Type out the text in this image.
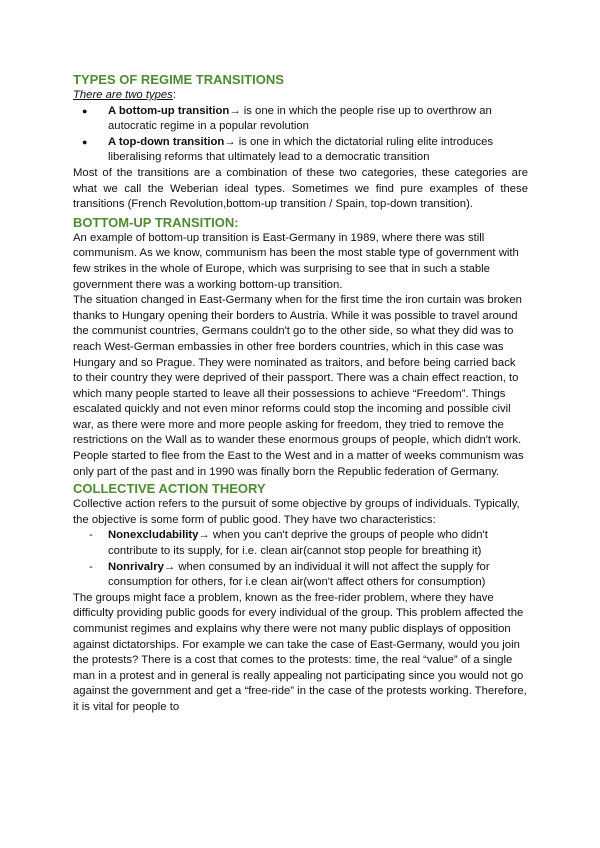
TYPES OF REGIME TRANSITIONS

There are two types:

● A bottom-up transition→ is one in which the people rise up to overthrow an autocratic regime in a popular revolution
● A top-down transition→ is one in which the dictatorial ruling elite introduces liberalising reforms that ultimately lead to a democratic transition

Most of the transitions are a combination of these two categories, these categories are what we call the Weberian ideal types. Sometimes we find pure examples of these transitions (French Revolution,bottom-up transition / Spain, top-down transition).

BOTTOM-UP TRANSITION:

An example of bottom-up transition is East-Germany in 1989, where there was still communism. As we know, communism has been the most stable type of government with few strikes in the whole of Europe, which was surprising to see that in such a stable government there was a working bottom-up transition.

The situation changed in East-Germany when for the first time the iron curtain was broken thanks to Hungary opening their borders to Austria. While it was possible to travel around the communist countries, Germans couldn't go to the other side, so what they did was to reach West-German embassies in other free borders countries, which in this case was Hungary and so Prague. They were nominated as traitors, and before being carried back to their country they were deprived of their passport. There was a chain effect reaction, to which many people started to leave all their possessions to achieve “Freedom”. Things escalated quickly and not even minor reforms could stop the incoming and possible civil war, as there were more and more people asking for freedom, they tried to remove the restrictions on the Wall as to wander these enormous groups of people, which didn't work. People started to flee from the East to the West and in a matter of weeks communism was only part of the past and in 1990 was finally born the Republic federation of Germany.

COLLECTIVE ACTION THEORY

Collective action refers to the pursuit of some objective by groups of individuals. Typically, the objective is some form of public good. They have two characteristics:

- Nonexcludability→ when you can't deprive the groups of people who didn't contribute to its supply, for i.e. clean air(cannot stop people for breathing it)
- Nonrivalry→ when consumed by an individual it will not affect the supply for consumption for others, for i.e clean air(won't affect others for consumption)

The groups might face a problem, known as the free-rider problem, where they have difficulty providing public goods for every individual of the group. This problem affected the communist regimes and explains why there were not many public displays of opposition against dictatorships. For example we can take the case of East-Germany, would you join the protests? There is a cost that comes to the protests: time, the real “value” of a single man in a protest and in general is really appealing not participating since you would not go against the government and get a “free-ride” in the case of the protests working. Therefore, it is vital for people to
